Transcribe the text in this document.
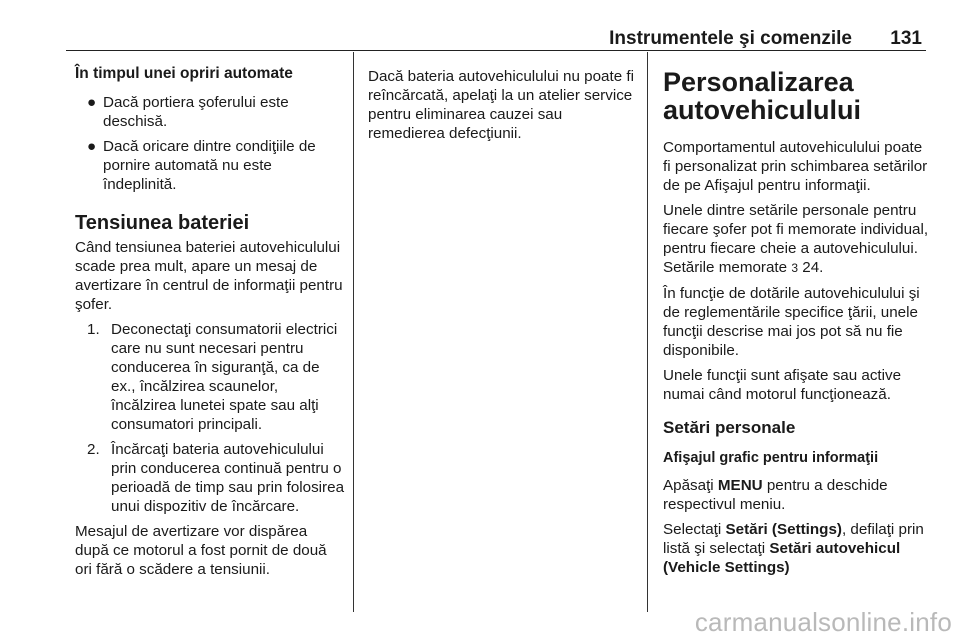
Instrumentele şi comenzile 131
În timpul unei opriri automate
● Dacă portiera şoferului este deschisă.
● Dacă oricare dintre condiţiile de pornire automată nu este îndeplinită.
Tensiunea bateriei

Când tensiunea bateriei autovehiculului scade prea mult, apare un mesaj de avertizare în centrul de informaţii pentru şofer.

1. Deconectaţi consumatorii electrici care nu sunt necesari pentru conducerea în siguranţă, ca de ex., încălzirea scaunelor, încălzirea lunetei spate sau alţi consumatori principali.
2. Încărcaţi bateria autovehiculului prin conducerea continuă pentru o perioadă de timp sau prin folosirea unui dispozitiv de încărcare.

Mesajul de avertizare vor dispărea după ce motorul a fost pornit de două ori fără o scădere a tensiunii.

Dacă bateria autovehiculului nu poate fi reîncărcată, apelaţi la un atelier service pentru eliminarea cauzei sau remedierea defecţiunii.

Personalizarea autovehiculului

Comportamentul autovehiculului poate fi personalizat prin schimbarea setărilor de pe Afişajul pentru informaţii.

Unele dintre setările personale pentru fiecare şofer pot fi memorate individual, pentru fiecare cheie a autovehiculului. Setările memorate 3 24.

În funcţie de dotările autovehiculului şi de reglementările specifice ţării, unele funcţii descrise mai jos pot să nu fie disponibile.

Unele funcţii sunt afişate sau active numai când motorul funcţionează.

Setări personale
Afişajul grafic pentru informaţii

Apăsaţi MENU pentru a deschide respectivul meniu.

Selectaţi Setări (Settings), defilaţi prin listă şi selectaţi Setări autovehicul (Vehicle Settings)

carmanualsonline.info
